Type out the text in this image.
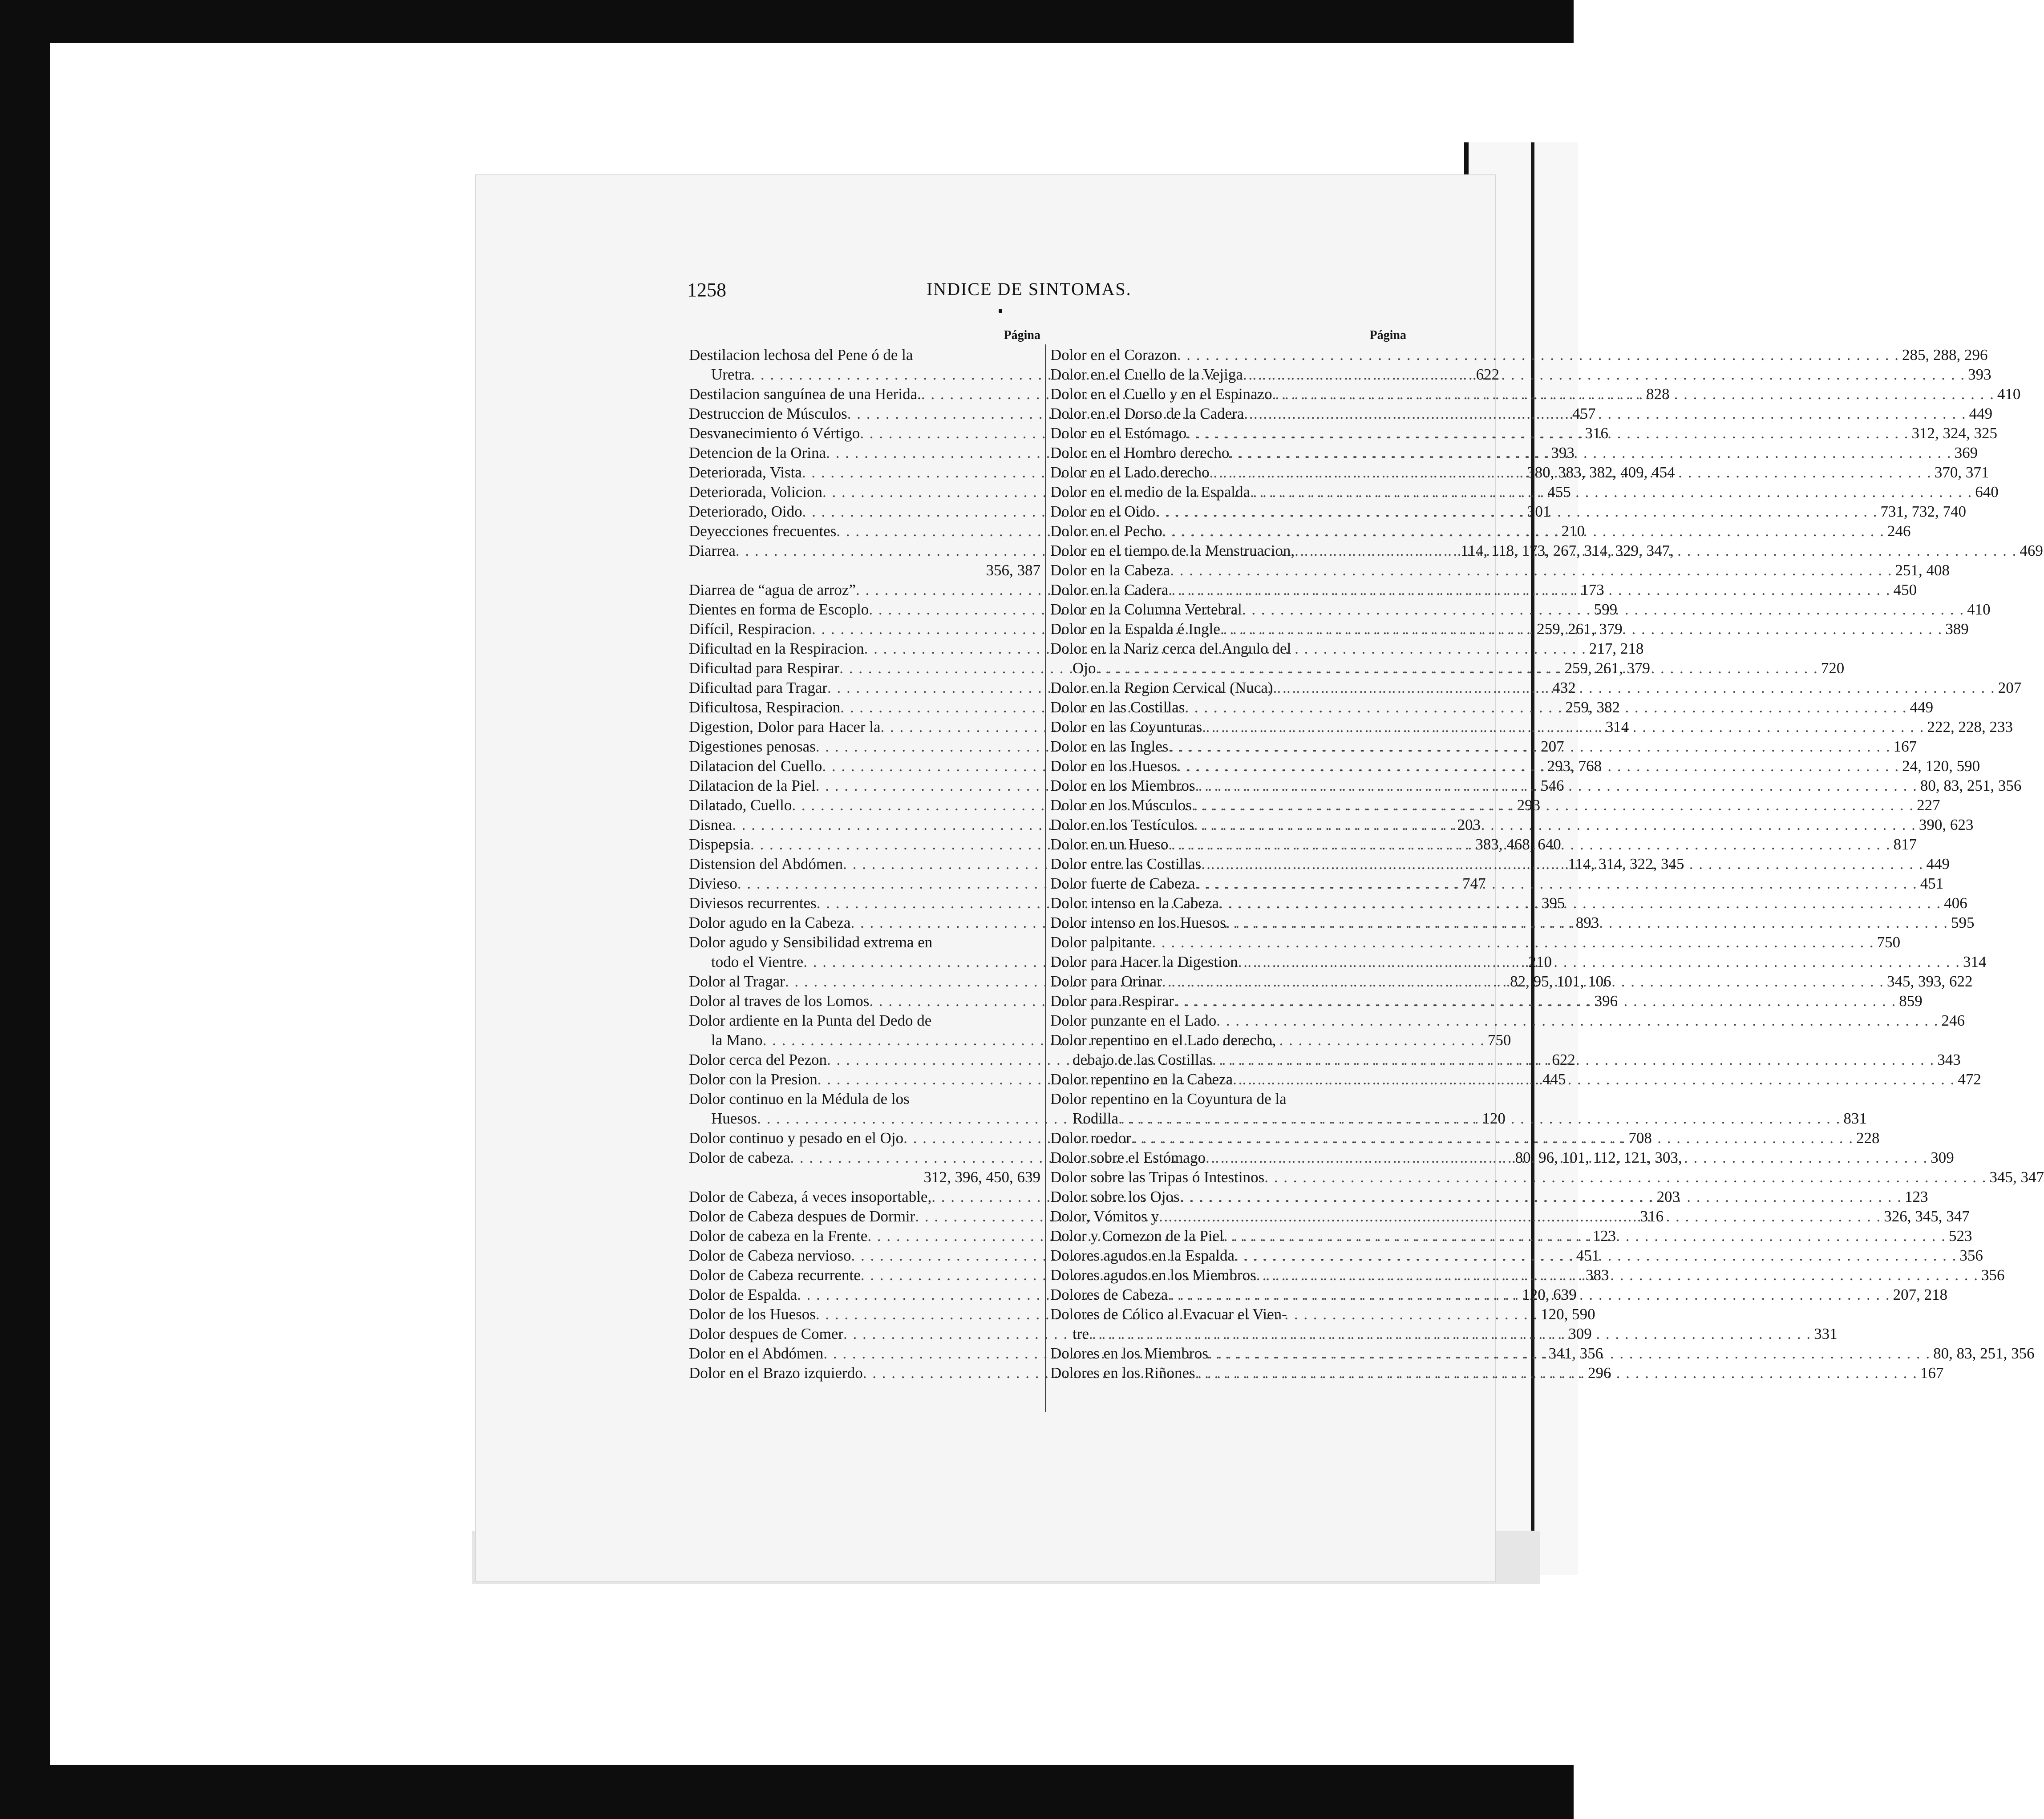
1258	INDICE DE SINTOMAS.
Página
Destilacion lechosa del Pene ó de la
Uretra . . .	622
Destilacion sanguínea de una Herida. . . .	828
Destruccion de Músculos . . .	457
Desvanecimiento ó Vértigo . . .	316
Detencion de la Orina . . .	393
Deteriorada, Vista . . .	380, 383, 382, 409, 454
Deteriorada, Volicion . . .	455
Deteriorado, Oido . . .	301
Deyecciones frecuentes . . .	210
Diarrea . . .	114, 118, 173, 267, 314, 329, 347,
356, 387
Diarrea de “agua de arroz” . . .	173
Dientes en forma de Escoplo . . .	599
Difícil, Respiracion . . .	259, 261, 379
Dificultad en la Respiracion . . .	217, 218
Dificultad para Respirar . . .	259, 261, 379
Dificultad para Tragar . . .	432
Dificultosa, Respiracion . . .	259, 382
Digestion, Dolor para Hacer la . . .	314
Digestiones penosas . . .	207
Dilatacion del Cuello . . .	293, 768
Dilatacion de la Piel . . .	546
Dilatado, Cuello . . .	293
Disnea . . .	203
Dispepsia . . .	383, 468, 640
Distension del Abdómen . . .	114, 314, 322, 345
Divieso . . .	747
Diviesos recurrentes . . .	395
Dolor agudo en la Cabeza . . .	893
Dolor agudo y Sensibilidad extrema en
todo el Vientre . . .	210
Dolor al Tragar . . .	82, 95, 101, 106
Dolor al traves de los Lomos . . .	396
Dolor ardiente en la Punta del Dedo de
la Mano . . .	750
Dolor cerca del Pezon . . .	622
Dolor con la Presion . . .	445
Dolor continuo en la Médula de los
Huesos . . .	120
Dolor continuo y pesado en el Ojo . . .	708
Dolor de cabeza . . .	80, 96, 101, 112, 121, 303,
312, 396, 450, 639
Dolor de Cabeza, á veces insoportable, . . .	203
Dolor de Cabeza despues de Dormir . . .	316
Dolor de cabeza en la Frente . . .	123
Dolor de Cabeza nervioso . . .	451
Dolor de Cabeza recurrente . . .	383
Dolor de Espalda . . .	120, 639
Dolor de los Huesos . . .	120, 590
Dolor despues de Comer . . .	309
Dolor en el Abdómen . . .	341, 356
Dolor en el Brazo izquierdo . . .	296
Página
Dolor en el Corazon . . .	285, 288, 296
Dolor en el Cuello de la Vejiga . . .	393
Dolor en el Cuello y en el Espinazo . . .	410
Dolor en el Dorso de la Cadera . . .	449
Dolor en el Estómago . . .	312, 324, 325
Dolor en el Hombro derecho . . .	369
Dolor en el Lado derecho . . .	370, 371
Dolor en el medio de la Espalda . . .	640
Dolor en el Oido . . .	731, 732, 740
Dolor en el Pecho . . .	246
Dolor en el tiempo de la Menstruacion, . . .	469
Dolor en la Cabeza . . .	251, 408
Dolor en la Cadera . . .	450
Dolor en la Columna Vertebral . . .	410
Dolor en la Espalda é Ingle . . .	389
Dolor en la Nariz cerca del Angulo del
Ojo . . .	720
Dolor en la Region Cervical (Nuca) . . .	207
Dolor en las Costillas . . .	449
Dolor en las Coyunturas . . .	222, 228, 233
Dolor en las Ingles . . .	167
Dolor en los Huesos . . .	24, 120, 590
Dolor en los Miembros . . .	80, 83, 251, 356
Dolor en los Músculos . . .	227
Dolor en los Testículos . . .	390, 623
Dolor en un Hueso . . .	817
Dolor entre las Costillas . . .	449
Dolor fuerte de Cabeza . . .	451
Dolor intenso en la Cabeza . . .	406
Dolor intenso en los Huesos . . .	595
Dolor palpitante . . .	750
Dolor para Hacer la Digestion . . .	314
Dolor para Orinar . . .	345, 393, 622
Dolor para Respirar . . .	859
Dolor punzante en el Lado . . .	246
Dolor repentino en el Lado derecho,
debajo de las Costillas . . .	343
Dolor repentino en la Cabeza . . .	472
Dolor repentino en la Coyuntura de la
Rodilla . . .	831
Dolor roedor . . .	228
Dolor sobre el Estómago . . .	309
Dolor sobre las Tripas ó Intestinos . . .	345, 347
Dolor sobre los Ojos . . .	123
Dolor, Vómitos y . . .	326, 345, 347
Dolor y Comezon de la Piel . . .	523
Dolores agudos en la Espalda . . .	356
Dolores agudos en los Miembros . . .	356
Dolores de Cabeza . . .	207, 218
Dolores de Cólico al Evacuar el Vien-
tre . . .	331
Dolores en los Miembros . . .	80, 83, 251, 356
Dolores en los Riñones . . .	167
